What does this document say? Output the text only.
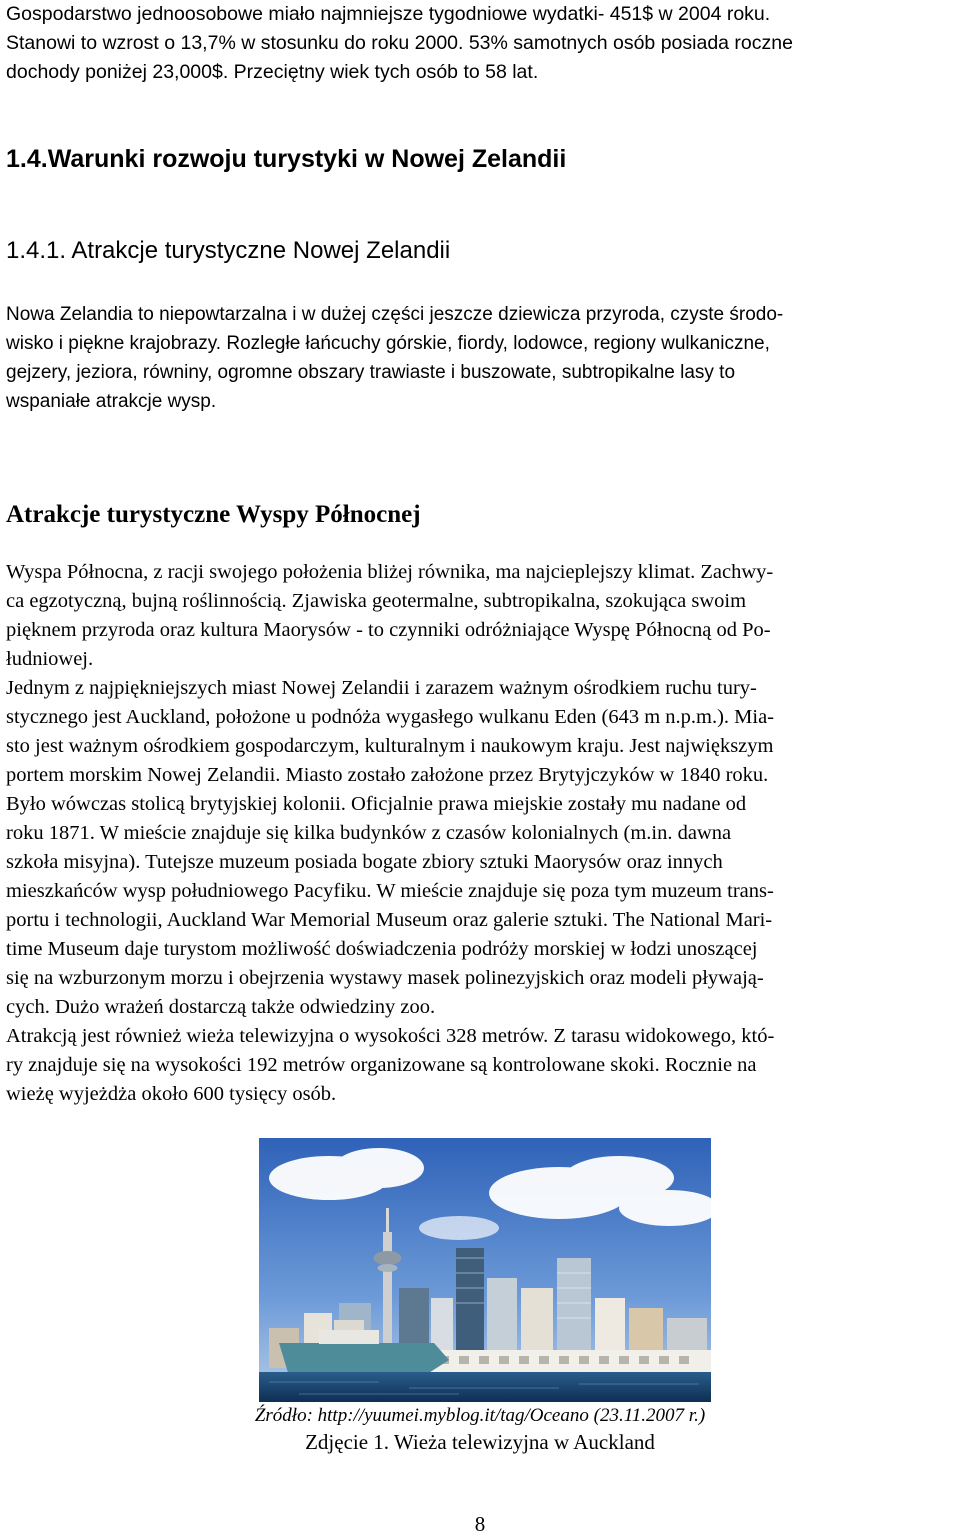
Gospodarstwo jednoosobowe miało najmniejsze tygodniowe wydatki- 451$ w 2004 roku.

Stanowi to wzrost o 13,7% w stosunku do roku 2000. 53% samotnych osób posiada roczne

dochody poniżej 23,000$. Przeciętny wiek tych osób to 58 lat.

1.4.Warunki rozwoju turystyki w Nowej Zelandii
1.4.1. Atrakcje turystyczne Nowej Zelandii

Nowa Zelandia to niepowtarzalna i w dużej części jeszcze dziewicza przyroda, czyste środo-

wisko i piękne krajobrazy. Rozległe łańcuchy górskie, fiordy, lodowce, regiony wulkaniczne,

gejzery, jeziora, równiny, ogromne obszary trawiaste i buszowate, subtropikalne lasy to

wspaniałe atrakcje wysp.

Atrakcje turystyczne Wyspy Północnej

Wyspa Północna, z racji swojego położenia bliżej równika, ma najcieplejszy klimat. Zachwy-

ca egzotyczną, bujną roślinnością. Zjawiska geotermalne, subtropikalna, szokująca swoim

pięknem przyroda oraz kultura Maorysów - to czynniki odróżniające Wyspę Północną od Po-

łudniowej.

Jednym z najpiękniejszych miast Nowej Zelandii i zarazem ważnym ośrodkiem ruchu tury-

stycznego jest Auckland, położone u podnóża wygasłego wulkanu Eden (643 m n.p.m.). Mia-

sto jest ważnym ośrodkiem gospodarczym, kulturalnym i naukowym kraju. Jest największym

portem morskim Nowej Zelandii. Miasto zostało założone przez Brytyjczyków w 1840 roku.

Było wówczas stolicą brytyjskiej kolonii. Oficjalnie prawa miejskie zostały mu nadane od

roku 1871. W mieście znajduje się kilka budynków z czasów kolonialnych (m.in. dawna

szkoła misyjna). Tutejsze muzeum posiada bogate zbiory sztuki Maorysów oraz innych

mieszkańców wysp południowego Pacyfiku. W mieście znajduje się poza tym muzeum trans-

portu i technologii, Auckland War Memorial Museum oraz galerie sztuki. The National Mari-

time Museum daje turystom możliwość doświadczenia podróży morskiej w łodzi unoszącej

się na wzburzonym morzu i obejrzenia wystawy masek polinezyjskich oraz modeli pływają-

cych. Dużo wrażeń dostarczą także odwiedziny zoo.

Atrakcją jest również wieża telewizyjna o wysokości 328 metrów. Z tarasu widokowego, któ-

ry znajduje się na wysokości 192 metrów organizowane są kontrolowane skoki. Rocznie na

wieżę wyjeżdża około 600 tysięcy osób.

Źródło: http://yuumei.myblog.it/tag/Oceano (23.11.2007 r.)
Zdjęcie 1. Wieża telewizyjna w Auckland
8
